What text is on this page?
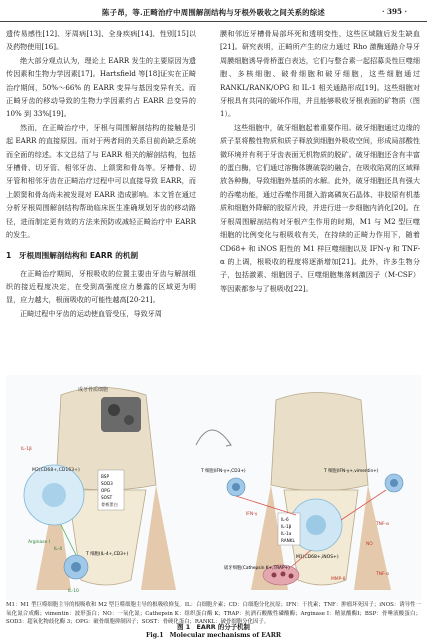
陈子昂，等.正畸治疗中周围解剖结构与牙根外吸收之间关系的综述	· 395 ·

遗传易感性[12]、牙周病[13]、全身疾病[14]、性别[15]以及药物使用[16]。

绝大部分观点认为，理论上 EARR 发生的主要原因为遗传因素和生物力学因素[17]。Hartsfield 等[18]证实在正畸治疗期间，50%～66% 的 EARR 变异与基因变异有关。而正畸牙齿的移动导致的生物力学因素约占 EARR 总变异的 10% 到 33%[19]。

然而，在正畸治疗中，牙根与周围解剖结构的接触是引起 EARR 的直接原因。而对于两者间的关系目前尚缺乏系统而全面的综述。本文总结了与 EARR 相关的解剖结构，包括牙槽骨、切牙管、相邻牙齿、上颌窦和骨岛等。牙槽骨、切牙管和相邻牙齿在正畸治疗过程中可以直接导致 EARR，而上颌窦和骨岛尚未被发现对 EARR 造成影响。本文旨在通过分析牙根周围解剖结构帮助临床医生准确规划牙齿的移动路径，进而制定更有效的方法来预防或减轻正畸治疗中 EARR 的发生。

1　牙根周围解剖结构和 EARR 的机制

在正畸治疗期间，牙根吸收的位置主要由牙齿与解剖组织的接近程度决定，在受到高强度应力暴露的区域更为明显，应力越大，根面吸收的可能性越高[20-21]。

正畸过程中牙齿的运动使血管受压，导致牙周

膜和邻近牙槽骨局部坏死和透明变性，这些区域随后发生缺血[21]。研究表明，正畸所产生的应力通过 Rho 激酶通路介导牙周膜细胞诱导骨桥蛋白表达，它们与整合素一起招募炎性巨噬细胞、多核细胞、破骨细胞和破牙细胞，这些细胞通过 RANKL/RANK/OPG 和 IL-1 相关通路形成[19]。这些细胞对牙根具有共同的破坏作用，并且能够吸收牙根表面的矿物质（图 1）。

这些细胞中，破牙细胞起着重要作用。破牙细胞通过边缘的质子泵将酸性物质和质子释放到细胞外吸收空间，形成局部酸性微环境并有利于牙齿表面无机物质的脱矿。破牙细胞还含有丰富的蛋白酶，它们通过溶酶体膜破裂的融合，在吸收陷窝的区域释放各种酶，导致细胞外基质的水解。此外，破牙细胞还具有强大的吞噬功能，通过吞噬作用摄入游离磷灰石晶体、非胶原有机基质和细胞外降解的胶原片段，并进行进一步细胞内消化[20]。在牙根周围解剖结构对牙根产生作用的时期，M1 与 M2 型巨噬细胞的比例变化与根吸收有关，在持续的正畸力作用下，随着 CD68+ 和 iNOS 阳性的 M1 样巨噬细胞以及 IFN-γ 和 TNF-α 的上调，根吸收的程度将逐渐增加[21]。此外，许多生物分子，包括激素、细胞因子、巨噬细胞集落刺激因子（M-CSF）等因素都参与了根吸收[22]。

成牙骨质细胞
M2(CD68+,CD163+)
BSP
SOD3
OPG
SOST
骨桥蛋白
IL-1β
Arginase Ⅰ
IL-4
T 细胞(IL-4+,CD3+)
IL-10
T 细胞(IFN-γ+,CD3+)	T 细胞(IFN-γ+,vimentin+)
M1(CD68+,iNOS+)
IL-6
IL-1β
IL-1α
RANKL
IFN-γ
TNF-α
NO
破牙细胞(Cathepsin K+,TRAP+)
MMP-8
TNF-α
M1：M1 型巨噬细胞主导的根吸收和 M2 型巨噬细胞主导的根吸收修复。IL：白细胞介素；CD：白细胞分化抗原；IFN：干扰素；TNF：肿瘤坏死因子；iNOS：诱导性一氧化氮合成酶；vimentin：波形蛋白；NO：一氧化氮；Cathepsin K：组织蛋白酶 K；TRAP：抗酒石酸酸性磷酸酶；Arginase Ⅰ：精氨酸酶Ⅰ；BSP：骨唾液酸蛋白；SOD3：超氧化物歧化酶 3；OPG：破骨细胞抑制因子；SOST：骨硬化蛋白；RANKL：破骨细胞分化因子。
图 1　EARR 的分子机制
Fig.1　Molecular mechanisms of EARR
